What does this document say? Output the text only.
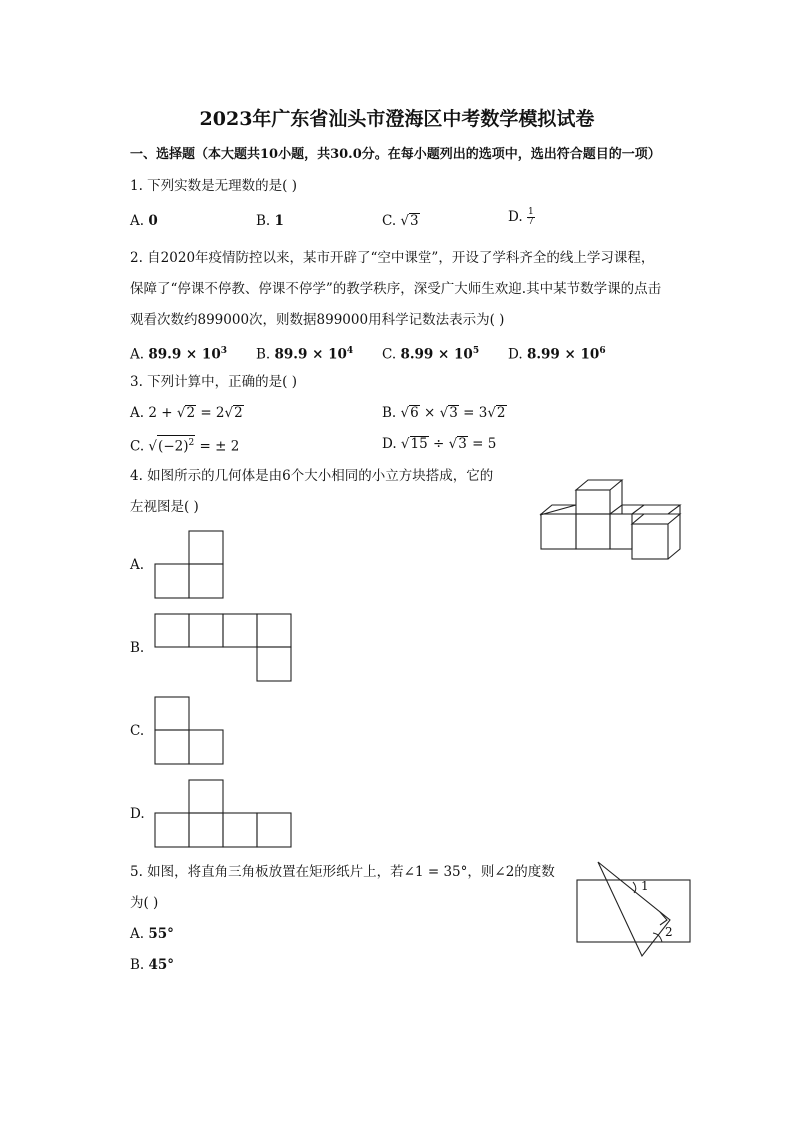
2023年广东省汕头市澄海区中考数学模拟试卷
一、选择题（本大题共10小题，共30.0分。在每小题列出的选项中，选出符合题目的一项）
1. 下列实数是无理数的是( )
A. 0	B. 1	C. √3	D. $\frac{1}{7}$
2. 自2020年疫情防控以来，某市开辟了“空中课堂”，开设了学科齐全的线上学习课程，
保障了“停课不停教、停课不停学”的教学秩序，深受广大师生欢迎.其中某节数学课的点击
观看次数约899000次，则数据899000用科学记数法表示为( )
A. $89.9 \times 10^3$ B. $89.9 \times 10^4$ C. $8.99 \times 10^5$ D. $8.99 \times 10^6$
3. 下列计算中，正确的是( )
A. 2 + √2 = 2√2	B. √6 × √3 = 3√2
C. $√(-2)^2$ = ± 2	D. √15 ÷ √3 = 5
4. 如图所示的几何体是由6个大小相同的小立方块搭成，它的
左视图是( )
A.
B.
C.
D.
5. 如图，将直角三角板放置在矩形纸片上，若∠1 = 35°，则∠2的度数
为( )
1
2
A. 55°
B. 45°
